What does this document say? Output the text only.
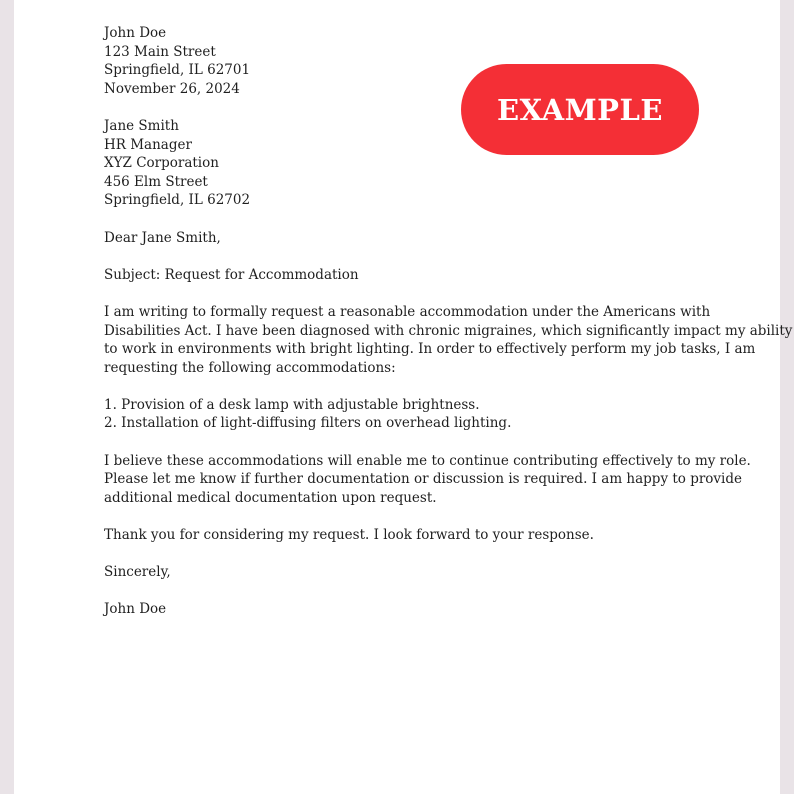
EXAMPLE
John Doe
123 Main Street
Springfield, IL 62701
November 26, 2024
Jane Smith
HR Manager
XYZ Corporation
456 Elm Street
Springfield, IL 62702
Dear Jane Smith,
Subject: Request for Accommodation
I am writing to formally request a reasonable accommodation under the Americans with
Disabilities Act. I have been diagnosed with chronic migraines, which significantly impact my ability
to work in environments with bright lighting. In order to effectively perform my job tasks, I am
requesting the following accommodations:
1. Provision of a desk lamp with adjustable brightness.
2. Installation of light-diffusing filters on overhead lighting.
I believe these accommodations will enable me to continue contributing effectively to my role.
Please let me know if further documentation or discussion is required. I am happy to provide
additional medical documentation upon request.
Thank you for considering my request. I look forward to your response.
Sincerely,
John Doe
